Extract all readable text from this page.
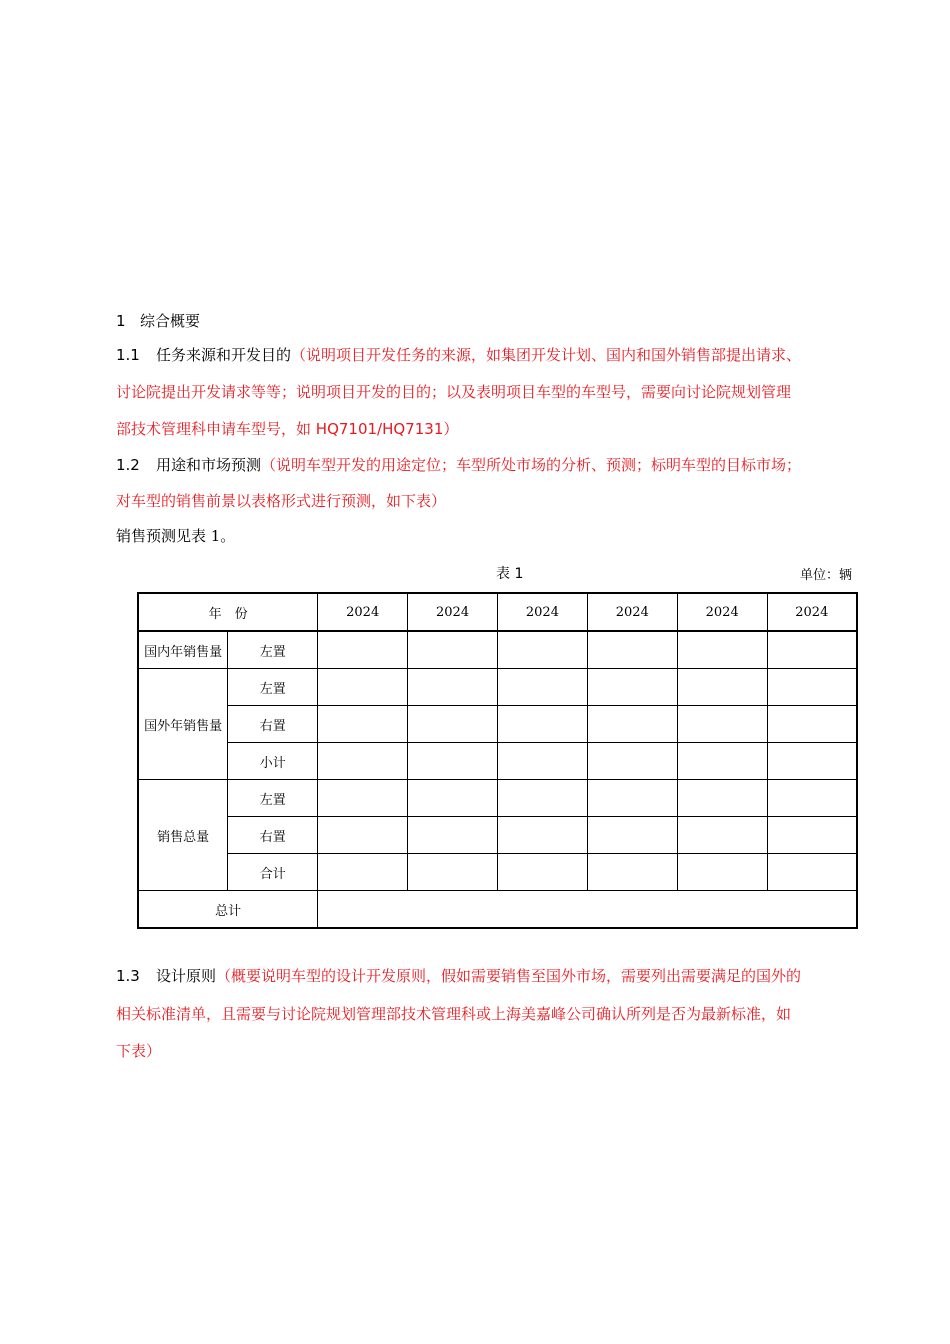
1 综合概要
1.1 任务来源和开发目的（说明项目开发任务的来源，如集团开发计划、国内和国外销售部提出请求、
讨论院提出开发请求等等；说明项目开发的目的；以及表明项目车型的车型号，需要向讨论院规划管理
部技术管理科申请车型号，如 HQ7101/HQ7131）
1.2 用途和市场预测（说明车型开发的用途定位；车型所处市场的分析、预测；标明车型的目标市场；
对车型的销售前景以表格形式进行预测，如下表）
销售预测见表 1。
表 1	单位：辆
年　份		2024	2024	2024	2024	2024	2024
国内年销售量	左置						
国外年销售量	左置						
	右置						
	小计						
销售总量	左置						
	右置						
	合计						
总计							
1.3 设计原则（概要说明车型的设计开发原则，假如需要销售至国外市场，需要列出需要满足的国外的
相关标准清单，且需要与讨论院规划管理部技术管理科或上海美嘉峰公司确认所列是否为最新标准，如
下表）
